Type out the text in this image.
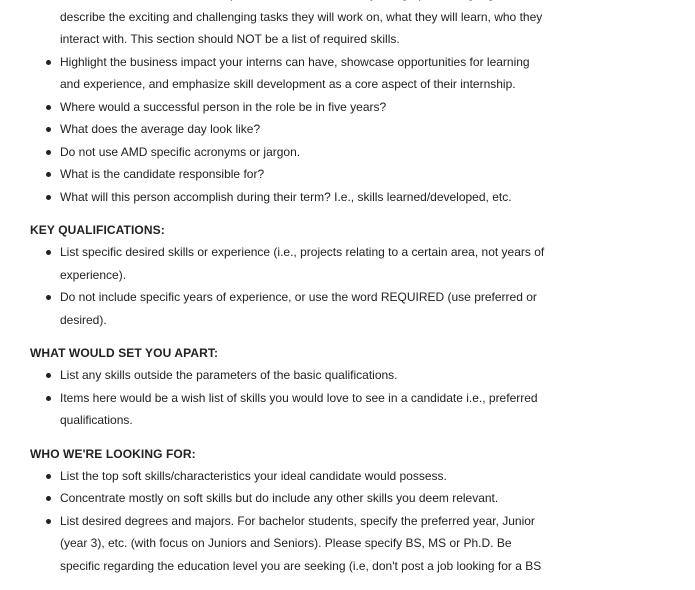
describe the exciting and challenging tasks they will work on, what they will learn, who they interact with. This section should NOT be a list of required skills.
Highlight the business impact your interns can have, showcase opportunities for learning and experience, and emphasize skill development as a core aspect of their internship.
Where would a successful person in the role be in five years?
What does the average day look like?
Do not use AMD specific acronyms or jargon.
What is the candidate responsible for?
What will this person accomplish during their term? I.e., skills learned/developed, etc.
KEY QUALIFICATIONS:
List specific desired skills or experience (i.e., projects relating to a certain area, not years of experience).
Do not include specific years of experience, or use the word REQUIRED (use preferred or desired).
WHAT WOULD SET YOU APART:
List any skills outside the parameters of the basic qualifications.
Items here would be a wish list of skills you would love to see in a candidate i.e., preferred qualifications.
WHO WE'RE LOOKING FOR:
List the top soft skills/characteristics your ideal candidate would possess.
Concentrate mostly on soft skills but do include any other skills you deem relevant.
List desired degrees and majors. For bachelor students, specify the preferred year, Junior (year 3), etc. (with focus on Juniors and Seniors). Please specify BS, MS or Ph.D. Be specific regarding the education level you are seeking (i.e, don't post a job looking for a BS
